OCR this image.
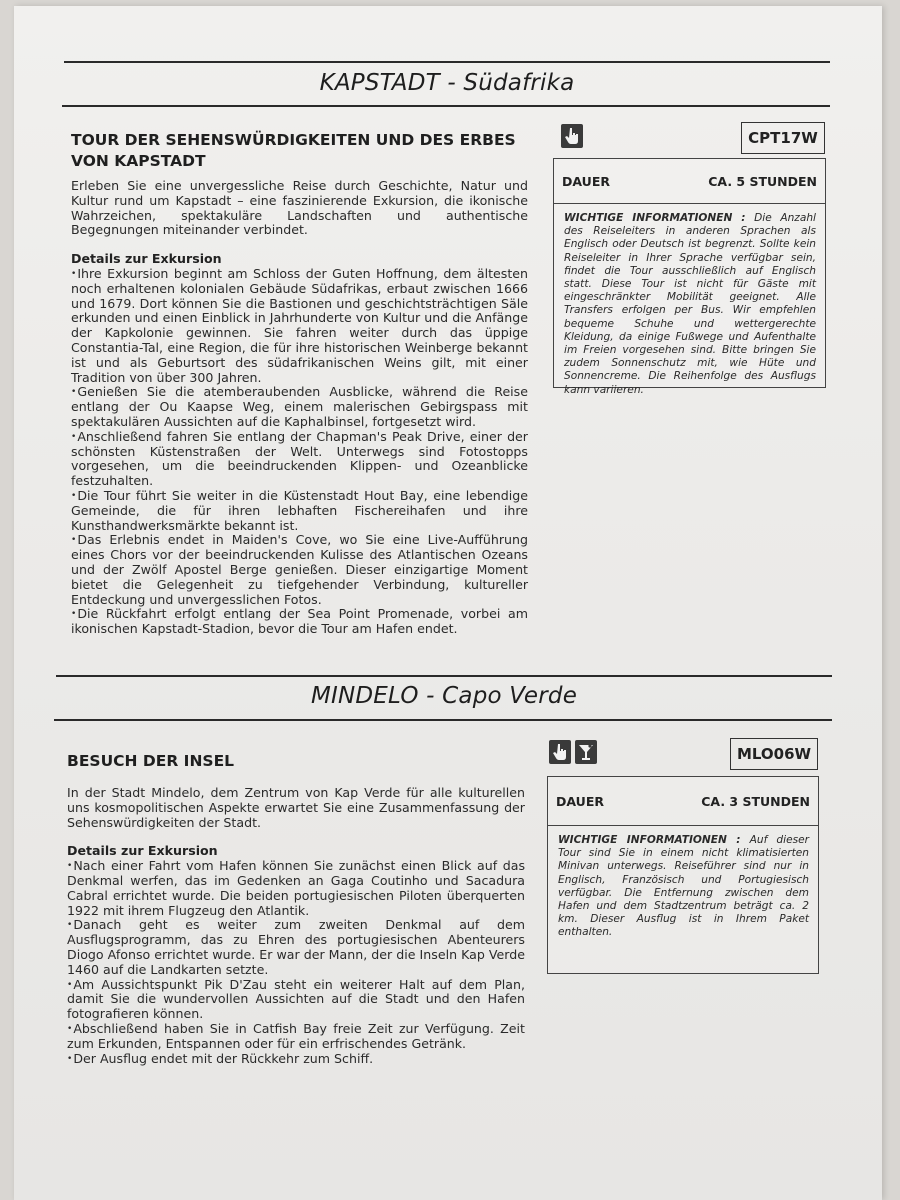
KAPSTADT - Südafrika
TOUR DER SEHENSWÜRDIGKEITEN UND DES ERBES VON KAPSTADT

Erleben Sie eine unvergessliche Reise durch Geschichte, Natur und Kultur rund um Kapstadt – eine faszinierende Exkursion, die ikonische Wahrzeichen, spektakuläre Landschaften und authentische Begegnungen miteinander verbindet.

Details zur Exkursion

• Ihre Exkursion beginnt am Schloss der Guten Hoffnung, dem ältesten noch erhaltenen kolonialen Gebäude Südafrikas, erbaut zwischen 1666 und 1679. Dort können Sie die Bastionen und geschichtsträchtigen Säle erkunden und einen Einblick in Jahrhunderte von Kultur und die Anfänge der Kapkolonie gewinnen. Sie fahren weiter durch das üppige Constantia-Tal, eine Region, die für ihre historischen Weinberge bekannt ist und als Geburtsort des südafrikanischen Weins gilt, mit einer Tradition von über 300 Jahren.

• Genießen Sie die atemberaubenden Ausblicke, während die Reise entlang der Ou Kaapse Weg, einem malerischen Gebirgspass mit spektakulären Aussichten auf die Kaphalbinsel, fortgesetzt wird.

• Anschließend fahren Sie entlang der Chapman's Peak Drive, einer der schönsten Küstenstraßen der Welt. Unterwegs sind Fotostopps vorgesehen, um die beeindruckenden Klippen- und Ozeanblicke festzuhalten.

• Die Tour führt Sie weiter in die Küstenstadt Hout Bay, eine lebendige Gemeinde, die für ihren lebhaften Fischereihafen und ihre Kunsthandwerksmärkte bekannt ist.

• Das Erlebnis endet in Maiden's Cove, wo Sie eine Live-Aufführung eines Chors vor der beeindruckenden Kulisse des Atlantischen Ozeans und der Zwölf Apostel Berge genießen. Dieser einzigartige Moment bietet die Gelegenheit zu tiefgehender Verbindung, kultureller Entdeckung und unvergesslichen Fotos.

• Die Rückfahrt erfolgt entlang der Sea Point Promenade, vorbei am ikonischen Kapstadt-Stadion, bevor die Tour am Hafen endet.

CPT17W
DAUER	CA. 5 STUNDEN
WICHTIGE INFORMATIONEN : Die Anzahl des Reiseleiters in anderen Sprachen als Englisch oder Deutsch ist begrenzt. Sollte kein Reiseleiter in Ihrer Sprache verfügbar sein, findet die Tour ausschließlich auf Englisch statt. Diese Tour ist nicht für Gäste mit eingeschränkter Mobilität geeignet. Alle Transfers erfolgen per Bus. Wir empfehlen bequeme Schuhe und wettergerechte Kleidung, da einige Fußwege und Aufenthalte im Freien vorgesehen sind. Bitte bringen Sie zudem Sonnenschutz mit, wie Hüte und Sonnencreme. Die Reihenfolge des Ausflugs kann variieren.
MINDELO - Capo Verde
BESUCH DER INSEL

In der Stadt Mindelo, dem Zentrum von Kap Verde für alle kulturellen uns kosmopolitischen Aspekte erwartet Sie eine Zusammenfassung der Sehenswürdigkeiten der Stadt.

Details zur Exkursion

• Nach einer Fahrt vom Hafen können Sie zunächst einen Blick auf das Denkmal werfen, das im Gedenken an Gaga Coutinho und Sacadura Cabral errichtet wurde. Die beiden portugiesischen Piloten überquerten 1922 mit ihrem Flugzeug den Atlantik.

• Danach geht es weiter zum zweiten Denkmal auf dem Ausflugsprogramm, das zu Ehren des portugiesischen Abenteurers Diogo Afonso errichtet wurde. Er war der Mann, der die Inseln Kap Verde 1460 auf die Landkarten setzte.

• Am Aussichtspunkt Pik D'Zau steht ein weiterer Halt auf dem Plan, damit Sie die wundervollen Aussichten auf die Stadt und den Hafen fotografieren können.

• Abschließend haben Sie in Catfish Bay freie Zeit zur Verfügung. Zeit zum Erkunden, Entspannen oder für ein erfrischendes Getränk.

• Der Ausflug endet mit der Rückkehr zum Schiff.

MLO06W
DAUER	CA. 3 STUNDEN
WICHTIGE INFORMATIONEN : Auf dieser Tour sind Sie in einem nicht klimatisierten Minivan unterwegs. Reiseführer sind nur in Englisch, Französisch und Portugiesisch verfügbar. Die Entfernung zwischen dem Hafen und dem Stadtzentrum beträgt ca. 2 km. Dieser Ausflug ist in Ihrem Paket enthalten.
